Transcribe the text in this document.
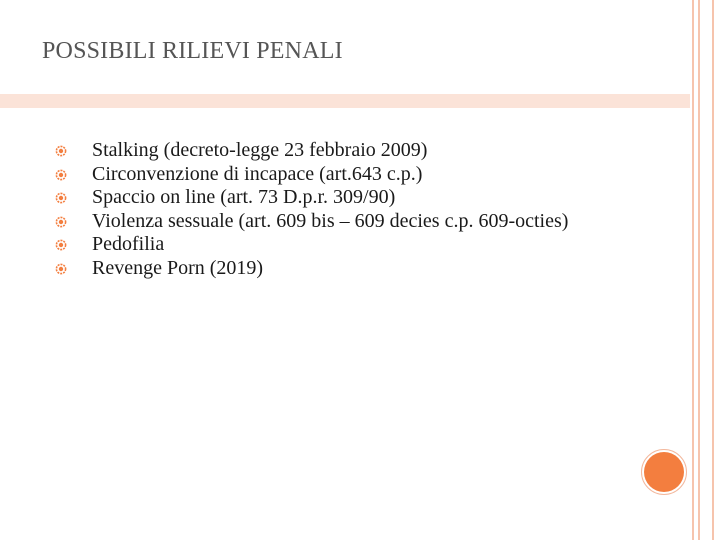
POSSIBILI RILIEVI PENALI
Stalking (decreto-legge 23 febbraio 2009)
Circonvenzione di incapace (art.643 c.p.)
Spaccio on line (art. 73 D.p.r. 309/90)
Violenza sessuale (art. 609 bis – 609 decies c.p. 609-octies)
Pedofilia
Revenge Porn (2019)
